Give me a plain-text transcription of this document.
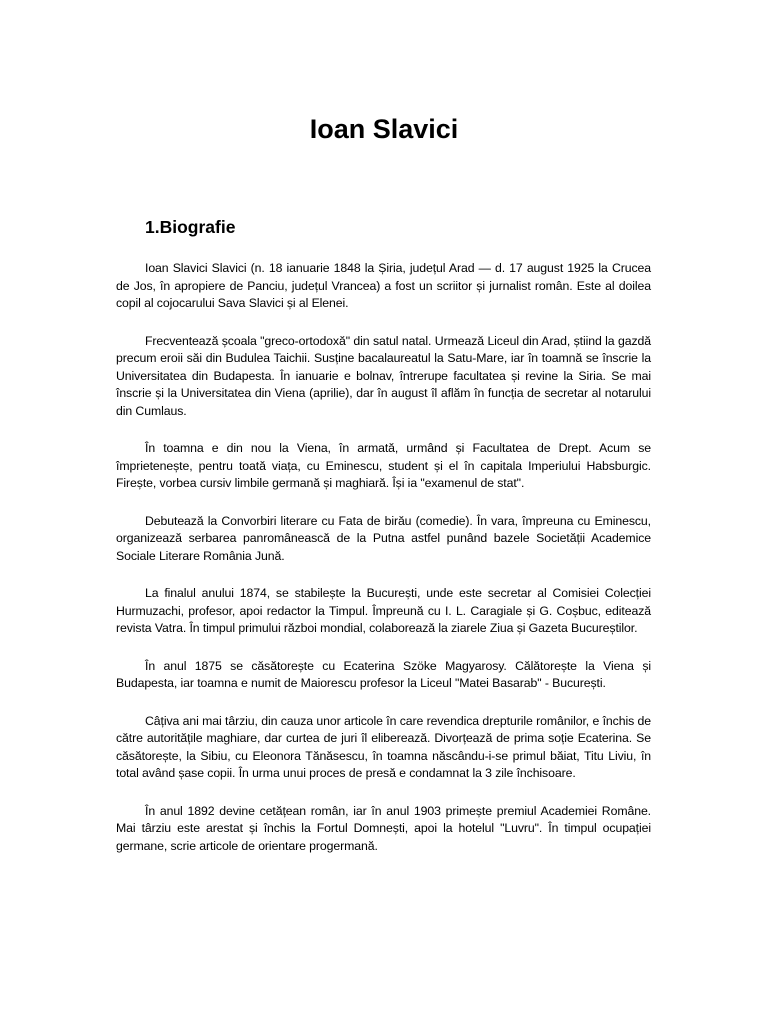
Ioan Slavici
1.Biografie

Ioan Slavici Slavici (n. 18 ianuarie 1848 la Șiria, județul Arad — d. 17 august 1925 la Crucea de Jos, în apropiere de Panciu, județul Vrancea) a fost un scriitor și jurnalist român. Este al doilea copil al cojocarului Sava Slavici și al Elenei.

Frecventează școala "greco-ortodoxă" din satul natal. Urmează Liceul din Arad, știind la gazdă precum eroii săi din Budulea Taichii. Susține bacalaureatul la Satu-Mare, iar în toamnă se înscrie la Universitatea din Budapesta. În ianuarie e bolnav, întrerupe facultatea și revine la Siria. Se mai înscrie și la Universitatea din Viena (aprilie), dar în august îl aflăm în funcția de secretar al notarului din Cumlaus.

În toamna e din nou la Viena, în armată, urmând și Facultatea de Drept. Acum se împrietenește, pentru toată viața, cu Eminescu, student și el în capitala Imperiului Habsburgic. Firește, vorbea cursiv limbile germană și maghiară. Își ia "examenul de stat".

Debutează la Convorbiri literare cu Fata de birău (comedie). În vara, împreuna cu Eminescu, organizează serbarea panromânească de la Putna astfel punând bazele Societății Academice Sociale Literare România Jună.

La finalul anului 1874, se stabilește la București, unde este secretar al Comisiei Colecției Hurmuzachi, profesor, apoi redactor la Timpul. Împreună cu I. L. Caragiale și G. Coșbuc, editează revista Vatra. În timpul primului război mondial, colaborează la ziarele Ziua și Gazeta Bucureștilor.

În anul 1875 se căsătorește cu Ecaterina Szöke Magyarosy. Călătorește la Viena și Budapesta, iar toamna e numit de Maiorescu profesor la Liceul "Matei Basarab" - București.

Câțiva ani mai târziu, din cauza unor articole în care revendica drepturile românilor, e închis de către autoritățile maghiare, dar curtea de juri îl eliberează. Divorțează de prima soție Ecaterina. Se căsătorește, la Sibiu, cu Eleonora Tănăsescu, în toamna născându-i-se primul băiat, Titu Liviu, în total având șase copii. În urma unui proces de presă e condamnat la 3 zile închisoare.

În anul 1892 devine cetățean român, iar în anul 1903 primește premiul Academiei Române. Mai târziu este arestat și închis la Fortul Domnești, apoi la hotelul "Luvru". În timpul ocupației germane, scrie articole de orientare progermană.
